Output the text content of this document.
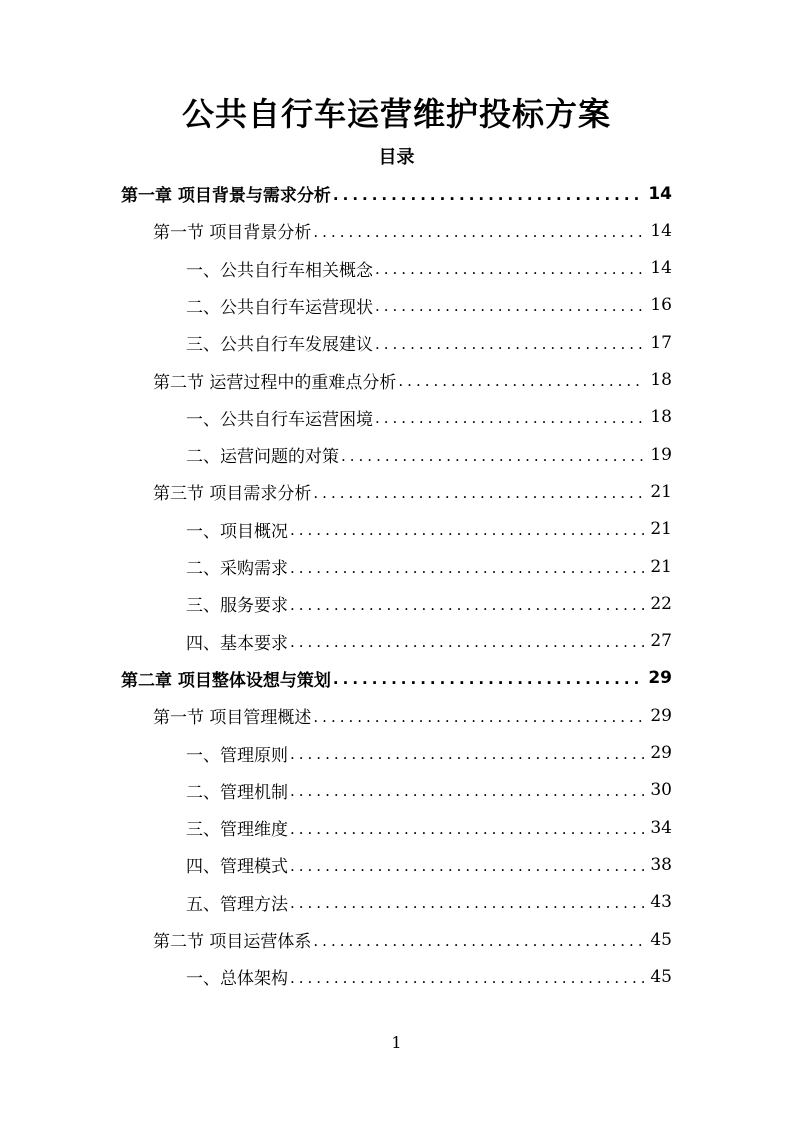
公共自行车运营维护投标方案
目录
第一章 项目背景与需求分析 .....	14
第一节 项目背景分析 .....	14
一、公共自行车相关概念 .....	14
二、公共自行车运营现状 .....	16
三、公共自行车发展建议 .....	17
第二节 运营过程中的重难点分析 .....	18
一、公共自行车运营困境 .....	18
二、运营问题的对策 .....	19
第三节 项目需求分析 .....	21
一、项目概况 .....	21
二、采购需求 .....	21
三、服务要求 .....	22
四、基本要求 .....	27
第二章 项目整体设想与策划 .....	29
第一节 项目管理概述 .....	29
一、管理原则 .....	29
二、管理机制 .....	30
三、管理维度 .....	34
四、管理模式 .....	38
五、管理方法 .....	43
第二节 项目运营体系 .....	45
一、总体架构 .....	45
1
